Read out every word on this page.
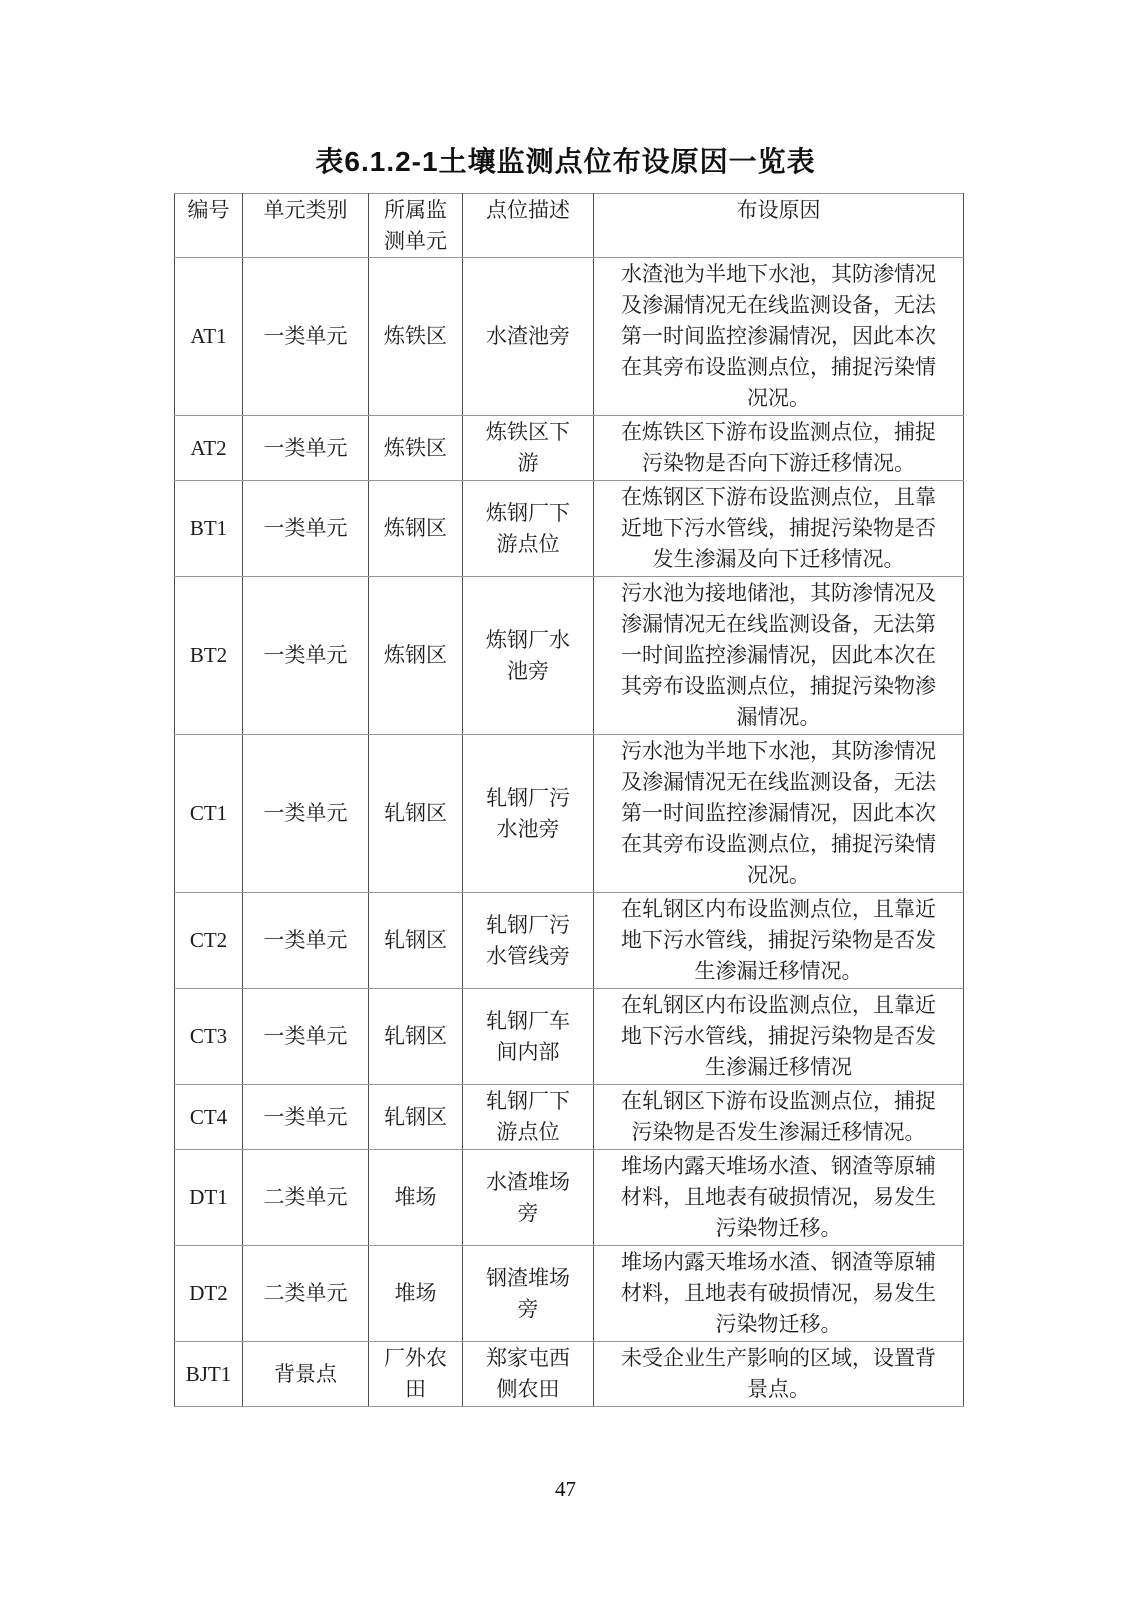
表6.1.2-1土壤监测点位布设原因一览表
编号	单元类别	所属监测单元	点位描述	布设原因
AT1	一类单元	炼铁区	水渣池旁	水渣池为半地下水池，其防渗情况及渗漏情况无在线监测设备，无法第一时间监控渗漏情况，因此本次在其旁布设监测点位，捕捉污染情况况。
AT2	一类单元	炼铁区	炼铁区下游	在炼铁区下游布设监测点位，捕捉污染物是否向下游迁移情况。
BT1	一类单元	炼钢区	炼钢厂下游点位	在炼钢区下游布设监测点位，且靠近地下污水管线，捕捉污染物是否发生渗漏及向下迁移情况。
BT2	一类单元	炼钢区	炼钢厂水池旁	污水池为接地储池，其防渗情况及渗漏情况无在线监测设备，无法第一时间监控渗漏情况，因此本次在其旁布设监测点位，捕捉污染物渗漏情况。
CT1	一类单元	轧钢区	轧钢厂污水池旁	污水池为半地下水池，其防渗情况及渗漏情况无在线监测设备，无法第一时间监控渗漏情况，因此本次在其旁布设监测点位，捕捉污染情况况。
CT2	一类单元	轧钢区	轧钢厂污水管线旁	在轧钢区内布设监测点位，且靠近地下污水管线，捕捉污染物是否发生渗漏迁移情况。
CT3	一类单元	轧钢区	轧钢厂车间内部	在轧钢区内布设监测点位，且靠近地下污水管线，捕捉污染物是否发生渗漏迁移情况
CT4	一类单元	轧钢区	轧钢厂下游点位	在轧钢区下游布设监测点位，捕捉污染物是否发生渗漏迁移情况。
DT1	二类单元	堆场	水渣堆场旁	堆场内露天堆场水渣、钢渣等原辅材料，且地表有破损情况，易发生污染物迁移。
DT2	二类单元	堆场	钢渣堆场旁	堆场内露天堆场水渣、钢渣等原辅材料，且地表有破损情况，易发生污染物迁移。
BJT1	背景点	厂外农田	郑家屯西侧农田	未受企业生产影响的区域，设置背景点。
47
